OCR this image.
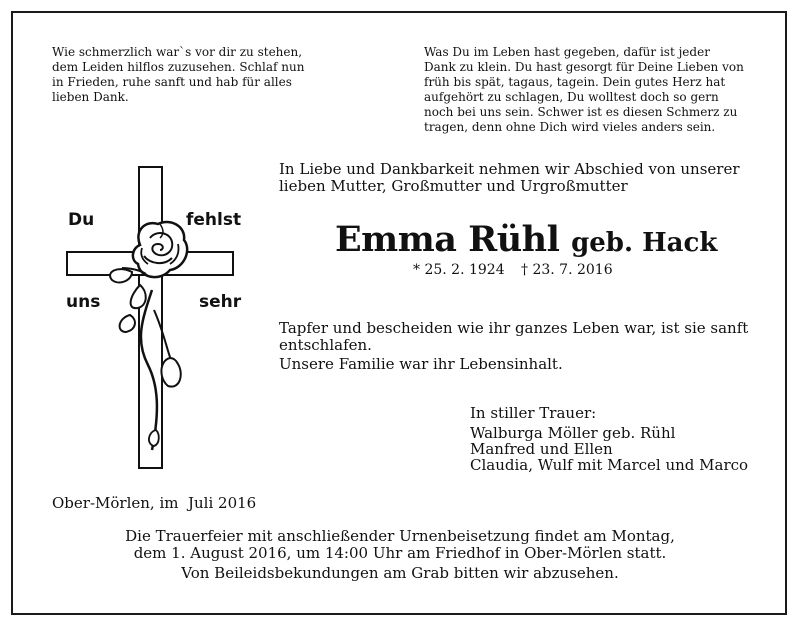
Wie schmerzlich war`s vor dir zu stehen,
dem Leiden hilflos zuzusehen. Schlaf nun
in Frieden, ruhe sanft und hab für alles
lieben Dank.
Was Du im Leben hast gegeben, dafür ist jeder
Dank zu klein. Du hast gesorgt für Deine Lieben von
früh bis spät, tagaus, tagein. Dein gutes Herz hat
aufgehört zu schlagen, Du wolltest doch so gern
noch bei uns sein. Schwer ist es diesen Schmerz zu
tragen, denn ohne Dich wird vieles anders sein.
Du	fehlst
uns	sehr
In Liebe und Dankbarkeit nehmen wir Abschied von unserer
lieben Mutter, Großmutter und Urgroßmutter
Emma Rühl geb. Hack
* 25. 2. 1924 † 23. 7. 2016
Tapfer und bescheiden wie ihr ganzes Leben war, ist sie sanft
entschlafen.
Unsere Familie war ihr Lebensinhalt.
In stiller Trauer:
Walburga Möller geb. Rühl
Manfred und Ellen
Claudia, Wulf mit Marcel und Marco
Ober-Mörlen, im  Juli 2016
Die Trauerfeier mit anschließender Urnenbeisetzung findet am Montag,
dem 1. August 2016, um 14:00 Uhr am Friedhof in Ober-Mörlen statt.
Von Beileidsbekundungen am Grab bitten wir abzusehen.
